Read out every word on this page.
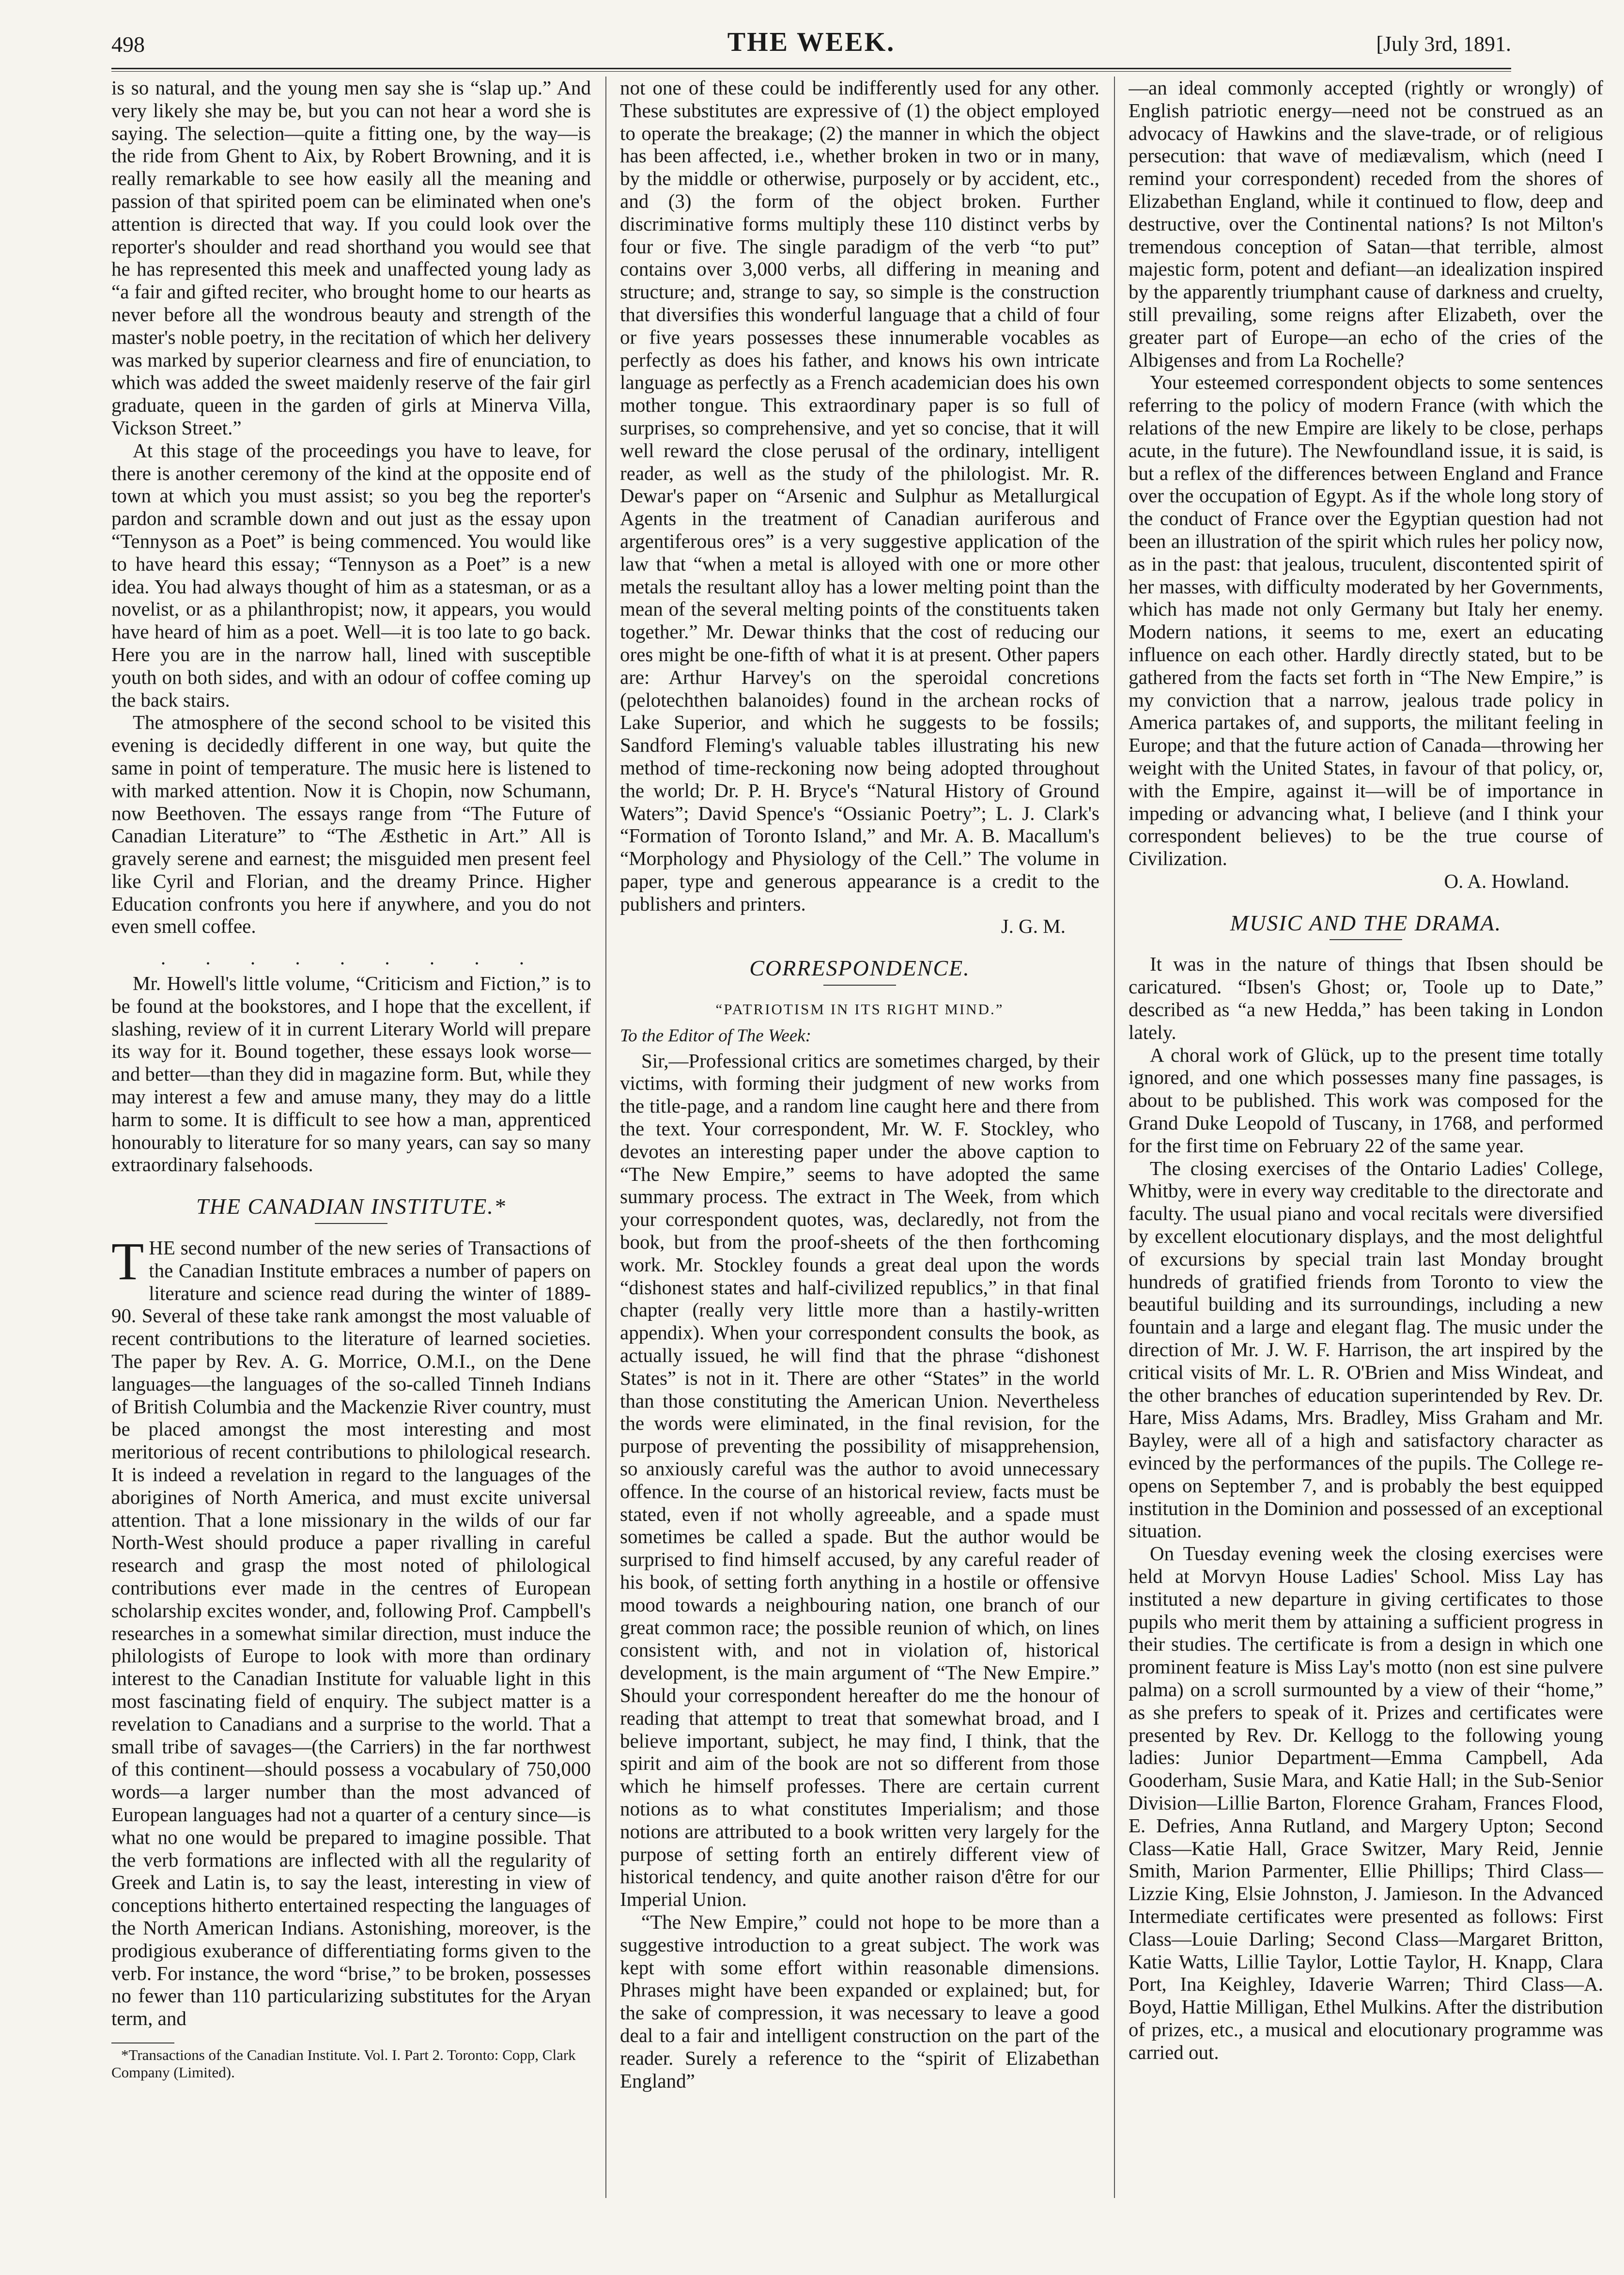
498	THE WEEK.	[July 3rd, 1891.

is so natural, and the young men say she is “slap up.” And very likely she may be, but you can not hear a word she is saying. The selection—quite a fitting one, by the way—is the ride from Ghent to Aix, by Robert Browning, and it is really remarkable to see how easily all the meaning and passion of that spirited poem can be eliminated when one's attention is directed that way. If you could look over the reporter's shoulder and read shorthand you would see that he has represented this meek and unaffected young lady as “a fair and gifted reciter, who brought home to our hearts as never before all the wondrous beauty and strength of the master's noble poetry, in the recitation of which her delivery was marked by superior clearness and fire of enunciation, to which was added the sweet maidenly reserve of the fair girl graduate, queen in the garden of girls at Minerva Villa, Vickson Street.”

At this stage of the proceedings you have to leave, for there is another ceremony of the kind at the opposite end of town at which you must assist; so you beg the reporter's pardon and scramble down and out just as the essay upon “Tennyson as a Poet” is being commenced. You would like to have heard this essay; “Tennyson as a Poet” is a new idea. You had always thought of him as a statesman, or as a novelist, or as a philanthropist; now, it appears, you would have heard of him as a poet. Well—it is too late to go back. Here you are in the narrow hall, lined with susceptible youth on both sides, and with an odour of coffee coming up the back stairs.

The atmosphere of the second school to be visited this evening is decidedly different in one way, but quite the same in point of temperature. The music here is listened to with marked attention. Now it is Chopin, now Schumann, now Beethoven. The essays range from “The Future of Canadian Literature” to “The Æsthetic in Art.” All is gravely serene and earnest; the misguided men present feel like Cyril and Florian, and the dreamy Prince. Higher Education confronts you here if anywhere, and you do not even smell coffee.

. . . . . . . . .

Mr. Howell's little volume, “Criticism and Fiction,” is to be found at the bookstores, and I hope that the excellent, if slashing, review of it in current Literary World will prepare its way for it. Bound together, these essays look worse—and better—than they did in magazine form. But, while they may interest a few and amuse many, they may do a little harm to some. It is difficult to see how a man, apprenticed honourably to literature for so many years, can say so many extraordinary falsehoods.

THE CANADIAN INSTITUTE.*

THE second number of the new series of Transactions of the Canadian Institute embraces a number of papers on literature and science read during the winter of 1889-90. Several of these take rank amongst the most valuable of recent contributions to the literature of learned societies. The paper by Rev. A. G. Morrice, O.M.I., on the Dene languages—the languages of the so-called Tinneh Indians of British Columbia and the Mackenzie River country, must be placed amongst the most interesting and most meritorious of recent contributions to philological research. It is indeed a revelation in regard to the languages of the aborigines of North America, and must excite universal attention. That a lone missionary in the wilds of our far North-West should produce a paper rivalling in careful research and grasp the most noted of philological contributions ever made in the centres of European scholarship excites wonder, and, following Prof. Campbell's researches in a somewhat similar direction, must induce the philologists of Europe to look with more than ordinary interest to the Canadian Institute for valuable light in this most fascinating field of enquiry. The subject matter is a revelation to Canadians and a surprise to the world. That a small tribe of savages—(the Carriers) in the far northwest of this continent—should possess a vocabulary of 750,000 words—a larger number than the most advanced of European languages had not a quarter of a century since—is what no one would be prepared to imagine possible. That the verb formations are inflected with all the regularity of Greek and Latin is, to say the least, interesting in view of conceptions hitherto entertained respecting the languages of the North American Indians. Astonishing, moreover, is the prodigious exuberance of differentiating forms given to the verb. For instance, the word “brise,” to be broken, possesses no fewer than 110 particularizing substitutes for the Aryan term, and

*Transactions of the Canadian Institute. Vol. I. Part 2. Toronto: Copp, Clark Company (Limited).

not one of these could be indifferently used for any other. These substitutes are expressive of (1) the object employed to operate the breakage; (2) the manner in which the object has been affected, i.e., whether broken in two or in many, by the middle or otherwise, purposely or by accident, etc., and (3) the form of the object broken. Further discriminative forms multiply these 110 distinct verbs by four or five. The single paradigm of the verb “to put” contains over 3,000 verbs, all differing in meaning and structure; and, strange to say, so simple is the construction that diversifies this wonderful language that a child of four or five years possesses these innumerable vocables as perfectly as does his father, and knows his own intricate language as perfectly as a French academician does his own mother tongue. This extraordinary paper is so full of surprises, so comprehensive, and yet so concise, that it will well reward the close perusal of the ordinary, intelligent reader, as well as the study of the philologist. Mr. R. Dewar's paper on “Arsenic and Sulphur as Metallurgical Agents in the treatment of Canadian auriferous and argentiferous ores” is a very suggestive application of the law that “when a metal is alloyed with one or more other metals the resultant alloy has a lower melting point than the mean of the several melting points of the constituents taken together.” Mr. Dewar thinks that the cost of reducing our ores might be one-fifth of what it is at present. Other papers are: Arthur Harvey's on the speroidal concretions (pelotechthen balanoides) found in the archean rocks of Lake Superior, and which he suggests to be fossils; Sandford Fleming's valuable tables illustrating his new method of time-reckoning now being adopted throughout the world; Dr. P. H. Bryce's “Natural History of Ground Waters”; David Spence's “Ossianic Poetry”; L. J. Clark's “Formation of Toronto Island,” and Mr. A. B. Macallum's “Morphology and Physiology of the Cell.” The volume in paper, type and generous appearance is a credit to the publishers and printers.

J. G. M.
CORRESPONDENCE.
“PATRIOTISM IN ITS RIGHT MIND.”

To the Editor of The Week:

Sir,—Professional critics are sometimes charged, by their victims, with forming their judgment of new works from the title-page, and a random line caught here and there from the text. Your correspondent, Mr. W. F. Stockley, who devotes an interesting paper under the above caption to “The New Empire,” seems to have adopted the same summary process. The extract in The Week, from which your correspondent quotes, was, declaredly, not from the book, but from the proof-sheets of the then forthcoming work. Mr. Stockley founds a great deal upon the words “dishonest states and half-civilized republics,” in that final chapter (really very little more than a hastily-written appendix). When your correspondent consults the book, as actually issued, he will find that the phrase “dishonest States” is not in it. There are other “States” in the world than those constituting the American Union. Nevertheless the words were eliminated, in the final revision, for the purpose of preventing the possibility of misapprehension, so anxiously careful was the author to avoid unnecessary offence. In the course of an historical review, facts must be stated, even if not wholly agreeable, and a spade must sometimes be called a spade. But the author would be surprised to find himself accused, by any careful reader of his book, of setting forth anything in a hostile or offensive mood towards a neighbouring nation, one branch of our great common race; the possible reunion of which, on lines consistent with, and not in violation of, historical development, is the main argument of “The New Empire.” Should your correspondent hereafter do me the honour of reading that attempt to treat that somewhat broad, and I believe important, subject, he may find, I think, that the spirit and aim of the book are not so different from those which he himself professes. There are certain current notions as to what constitutes Imperialism; and those notions are attributed to a book written very largely for the purpose of setting forth an entirely different view of historical tendency, and quite another raison d'être for our Imperial Union.

“The New Empire,” could not hope to be more than a suggestive introduction to a great subject. The work was kept with some effort within reasonable dimensions. Phrases might have been expanded or explained; but, for the sake of compression, it was necessary to leave a good deal to a fair and intelligent construction on the part of the reader. Surely a reference to the “spirit of Elizabethan England”

—an ideal commonly accepted (rightly or wrongly) of English patriotic energy—need not be construed as an advocacy of Hawkins and the slave-trade, or of religious persecution: that wave of mediævalism, which (need I remind your correspondent) receded from the shores of Elizabethan England, while it continued to flow, deep and destructive, over the Continental nations? Is not Milton's tremendous conception of Satan—that terrible, almost majestic form, potent and defiant—an idealization inspired by the apparently triumphant cause of darkness and cruelty, still prevailing, some reigns after Elizabeth, over the greater part of Europe—an echo of the cries of the Albigenses and from La Rochelle?

Your esteemed correspondent objects to some sentences referring to the policy of modern France (with which the relations of the new Empire are likely to be close, perhaps acute, in the future). The Newfoundland issue, it is said, is but a reflex of the differences between England and France over the occupation of Egypt. As if the whole long story of the conduct of France over the Egyptian question had not been an illustration of the spirit which rules her policy now, as in the past: that jealous, truculent, discontented spirit of her masses, with difficulty moderated by her Governments, which has made not only Germany but Italy her enemy. Modern nations, it seems to me, exert an educating influence on each other. Hardly directly stated, but to be gathered from the facts set forth in “The New Empire,” is my conviction that a narrow, jealous trade policy in America partakes of, and supports, the militant feeling in Europe; and that the future action of Canada—throwing her weight with the United States, in favour of that policy, or, with the Empire, against it—will be of importance in impeding or advancing what, I believe (and I think your correspondent believes) to be the true course of Civilization.

O. A. Howland.
MUSIC AND THE DRAMA.

It was in the nature of things that Ibsen should be caricatured. “Ibsen's Ghost; or, Toole up to Date,” described as “a new Hedda,” has been taking in London lately.

A choral work of Glück, up to the present time totally ignored, and one which possesses many fine passages, is about to be published. This work was composed for the Grand Duke Leopold of Tuscany, in 1768, and performed for the first time on February 22 of the same year.

The closing exercises of the Ontario Ladies' College, Whitby, were in every way creditable to the directorate and faculty. The usual piano and vocal recitals were diversified by excellent elocutionary displays, and the most delightful of excursions by special train last Monday brought hundreds of gratified friends from Toronto to view the beautiful building and its surroundings, including a new fountain and a large and elegant flag. The music under the direction of Mr. J. W. F. Harrison, the art inspired by the critical visits of Mr. L. R. O'Brien and Miss Windeat, and the other branches of education superintended by Rev. Dr. Hare, Miss Adams, Mrs. Bradley, Miss Graham and Mr. Bayley, were all of a high and satisfactory character as evinced by the performances of the pupils. The College re-opens on September 7, and is probably the best equipped institution in the Dominion and possessed of an exceptional situation.

On Tuesday evening week the closing exercises were held at Morvyn House Ladies' School. Miss Lay has instituted a new departure in giving certificates to those pupils who merit them by attaining a sufficient progress in their studies. The certificate is from a design in which one prominent feature is Miss Lay's motto (non est sine pulvere palma) on a scroll surmounted by a view of their “home,” as she prefers to speak of it. Prizes and certificates were presented by Rev. Dr. Kellogg to the following young ladies: Junior Department—Emma Campbell, Ada Gooderham, Susie Mara, and Katie Hall; in the Sub-Senior Division—Lillie Barton, Florence Graham, Frances Flood, E. Defries, Anna Rutland, and Margery Upton; Second Class—Katie Hall, Grace Switzer, Mary Reid, Jennie Smith, Marion Parmenter, Ellie Phillips; Third Class—Lizzie King, Elsie Johnston, J. Jamieson. In the Advanced Intermediate certificates were presented as follows: First Class—Louie Darling; Second Class—Margaret Britton, Katie Watts, Lillie Taylor, Lottie Taylor, H. Knapp, Clara Port, Ina Keighley, Idaverie Warren; Third Class—A. Boyd, Hattie Milligan, Ethel Mulkins. After the distribution of prizes, etc., a musical and elocutionary programme was carried out.
